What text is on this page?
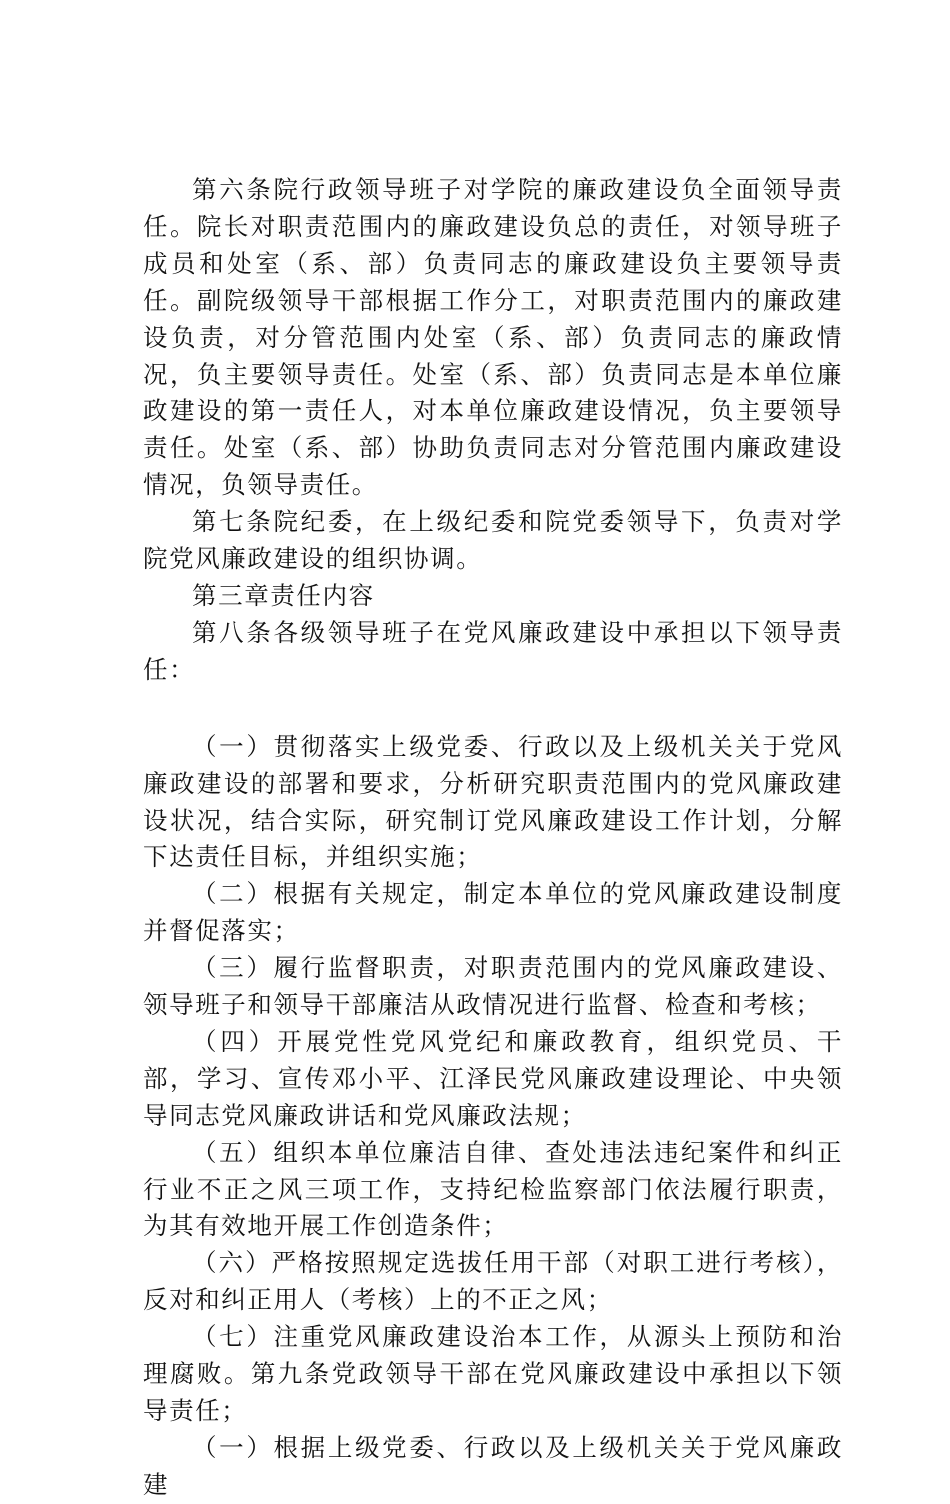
第六条院行政领导班子对学院的廉政建设负全面领导责任。院长对职责范围内的廉政建设负总的责任，对领导班子成员和处室（系、部）负责同志的廉政建设负主要领导责任。副院级领导干部根据工作分工，对职责范围内的廉政建设负责，对分管范围内处室（系、部）负责同志的廉政情况，负主要领导责任。处室（系、部）负责同志是本单位廉政建设的第一责任人，对本单位廉政建设情况，负主要领导责任。处室（系、部）协助负责同志对分管范围内廉政建设情况，负领导责任。

第七条院纪委，在上级纪委和院党委领导下，负责对学院党风廉政建设的组织协调。

第三章责任内容

第八条各级领导班子在党风廉政建设中承担以下领导责任：

（一）贯彻落实上级党委、行政以及上级机关关于党风廉政建设的部署和要求，分析研究职责范围内的党风廉政建设状况，结合实际，研究制订党风廉政建设工作计划，分解下达责任目标，并组织实施；

（二）根据有关规定，制定本单位的党风廉政建设制度并督促落实；

（三）履行监督职责，对职责范围内的党风廉政建设、领导班子和领导干部廉洁从政情况进行监督、检查和考核；

（四）开展党性党风党纪和廉政教育，组织党员、干部，学习、宣传邓小平、江泽民党风廉政建设理论、中央领导同志党风廉政讲话和党风廉政法规；

（五）组织本单位廉洁自律、查处违法违纪案件和纠正行业不正之风三项工作，支持纪检监察部门依法履行职责，为其有效地开展工作创造条件；

（六）严格按照规定选拔任用干部（对职工进行考核），反对和纠正用人（考核）上的不正之风；

（七）注重党风廉政建设治本工作，从源头上预防和治理腐败。第九条党政领导干部在党风廉政建设中承担以下领导责任；

（一）根据上级党委、行政以及上级机关关于党风廉政建
